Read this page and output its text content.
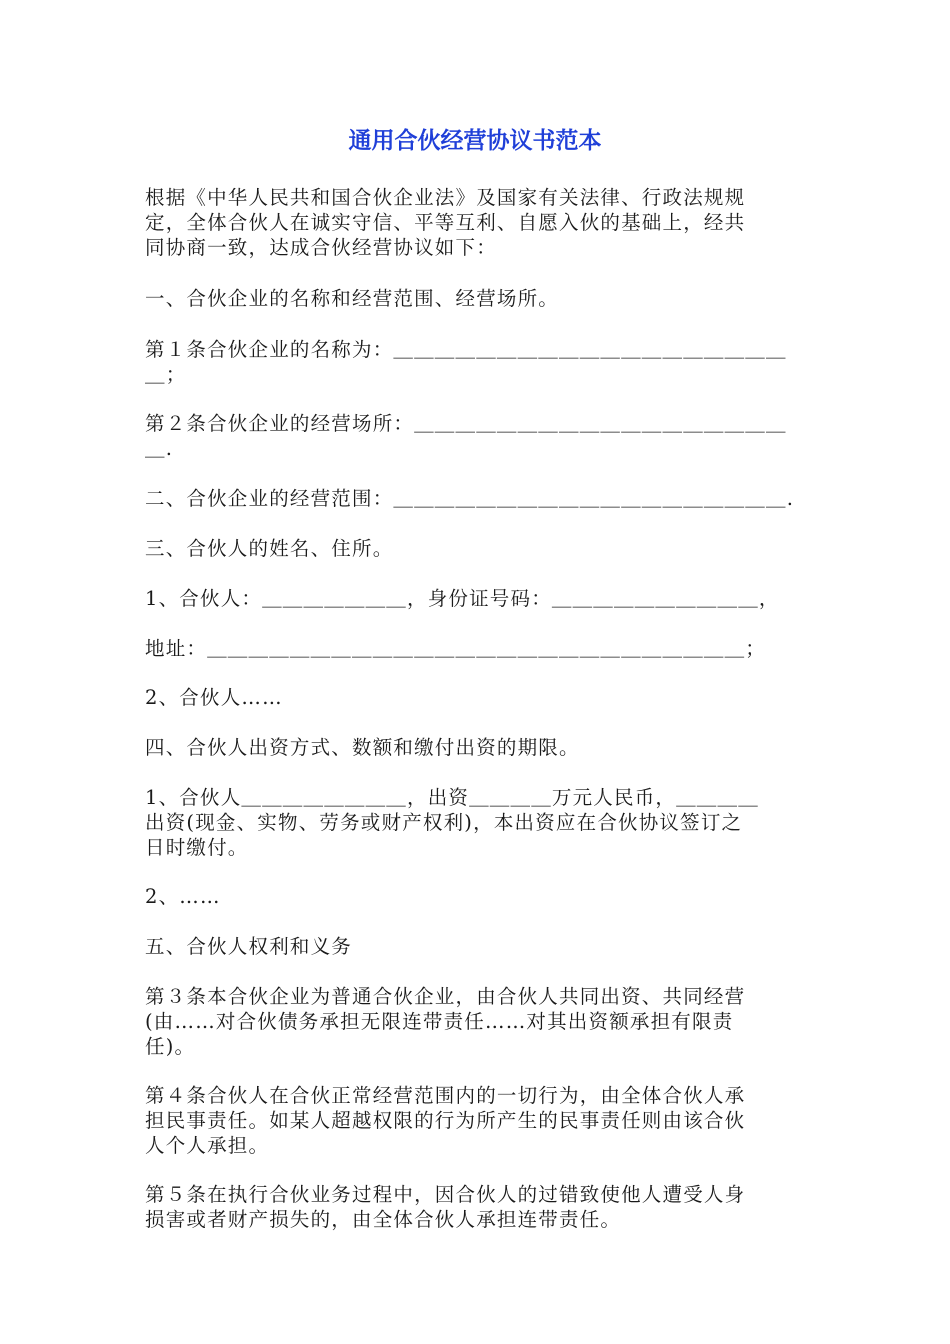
通用合伙经营协议书范本
根据《中华人民共和国合伙企业法》及国家有关法律、行政法规规
定，全体合伙人在诚实守信、平等互利、自愿入伙的基础上，经共
同协商一致，达成合伙经营协议如下：
一、合伙企业的名称和经营范围、经营场所。
第１条合伙企业的名称为：＿＿＿＿＿＿＿＿＿＿＿＿＿＿＿＿＿＿＿
＿；
第２条合伙企业的经营场所：＿＿＿＿＿＿＿＿＿＿＿＿＿＿＿＿＿＿
＿.
二、合伙企业的经营范围：＿＿＿＿＿＿＿＿＿＿＿＿＿＿＿＿＿＿＿.
三、合伙人的姓名、住所。
1、合伙人：＿＿＿＿＿＿＿，身份证号码：＿＿＿＿＿＿＿＿＿＿，
地址：＿＿＿＿＿＿＿＿＿＿＿＿＿＿＿＿＿＿＿＿＿＿＿＿＿＿；
2、合伙人……
四、合伙人出资方式、数额和缴付出资的期限。
1、合伙人＿＿＿＿＿＿＿＿，出资＿＿＿＿万元人民币，＿＿＿＿
出资(现金、实物、劳务或财产权利)，本出资应在合伙协议签订之
日时缴付。
2、……
五、合伙人权利和义务
第３条本合伙企业为普通合伙企业，由合伙人共同出资、共同经营
(由……对合伙债务承担无限连带责任……对其出资额承担有限责
任)。
第４条合伙人在合伙正常经营范围内的一切行为，由全体合伙人承
担民事责任。如某人超越权限的行为所产生的民事责任则由该合伙
人个人承担。
第５条在执行合伙业务过程中，因合伙人的过错致使他人遭受人身
损害或者财产损失的，由全体合伙人承担连带责任。
